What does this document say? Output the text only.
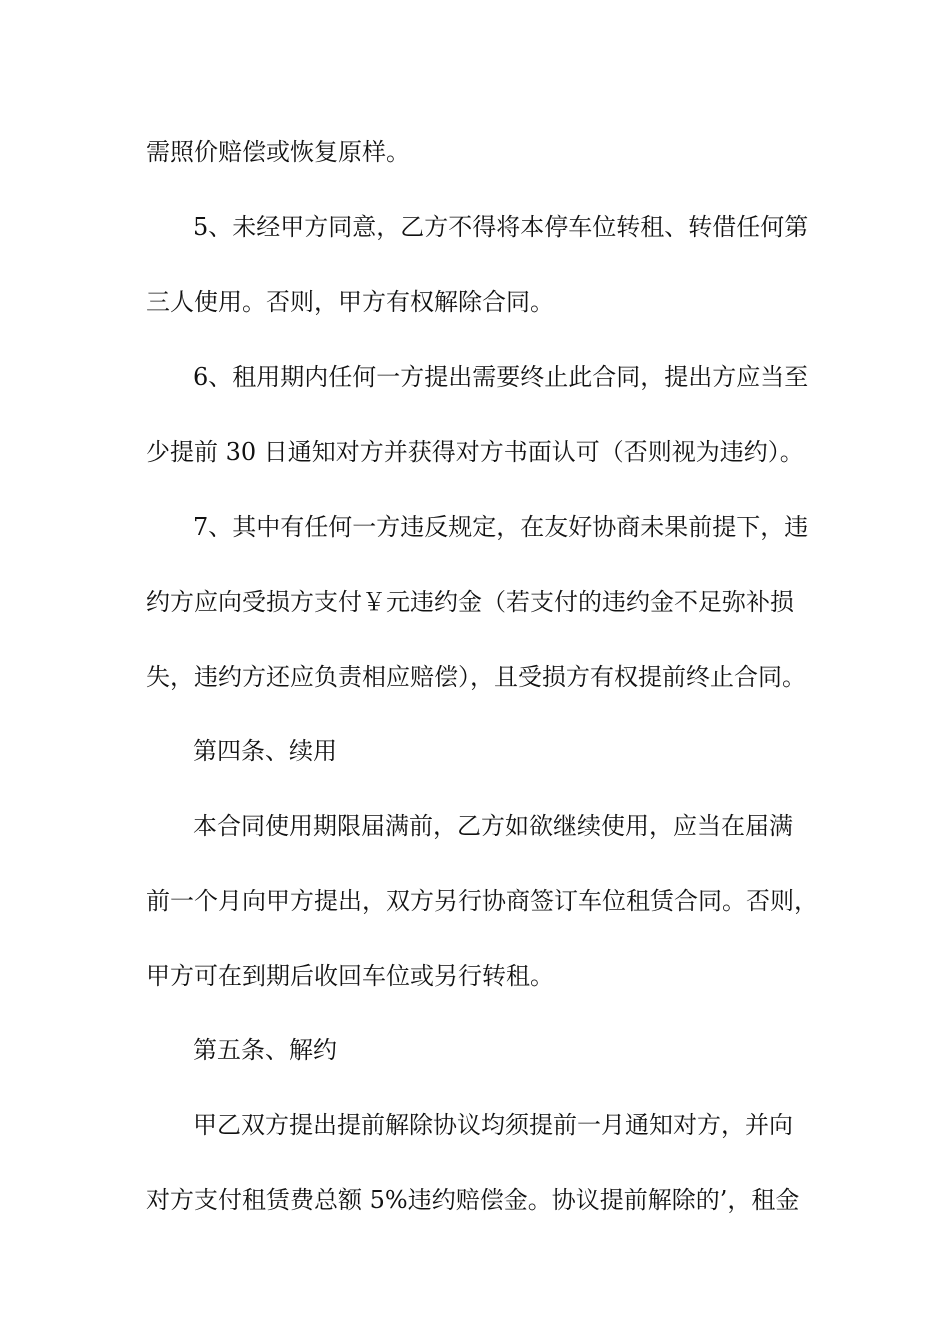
需照价赔偿或恢复原样。
5、未经甲方同意，乙方不得将本停车位转租、转借任何第
三人使用。否则，甲方有权解除合同。
6、租用期内任何一方提出需要终止此合同，提出方应当至
少提前 30 日通知对方并获得对方书面认可（否则视为违约）。
7、其中有任何一方违反规定，在友好协商未果前提下，违
约方应向受损方支付￥元违约金（若支付的违约金不足弥补损
失，违约方还应负责相应赔偿），且受损方有权提前终止合同。
第四条、续用
本合同使用期限届满前，乙方如欲继续使用，应当在届满
前一个月向甲方提出，双方另行协商签订车位租赁合同。否则，
甲方可在到期后收回车位或另行转租。
第五条、解约
甲乙双方提出提前解除协议均须提前一月通知对方，并向
对方支付租赁费总额 5%违约赔偿金。协议提前解除的’，租金
